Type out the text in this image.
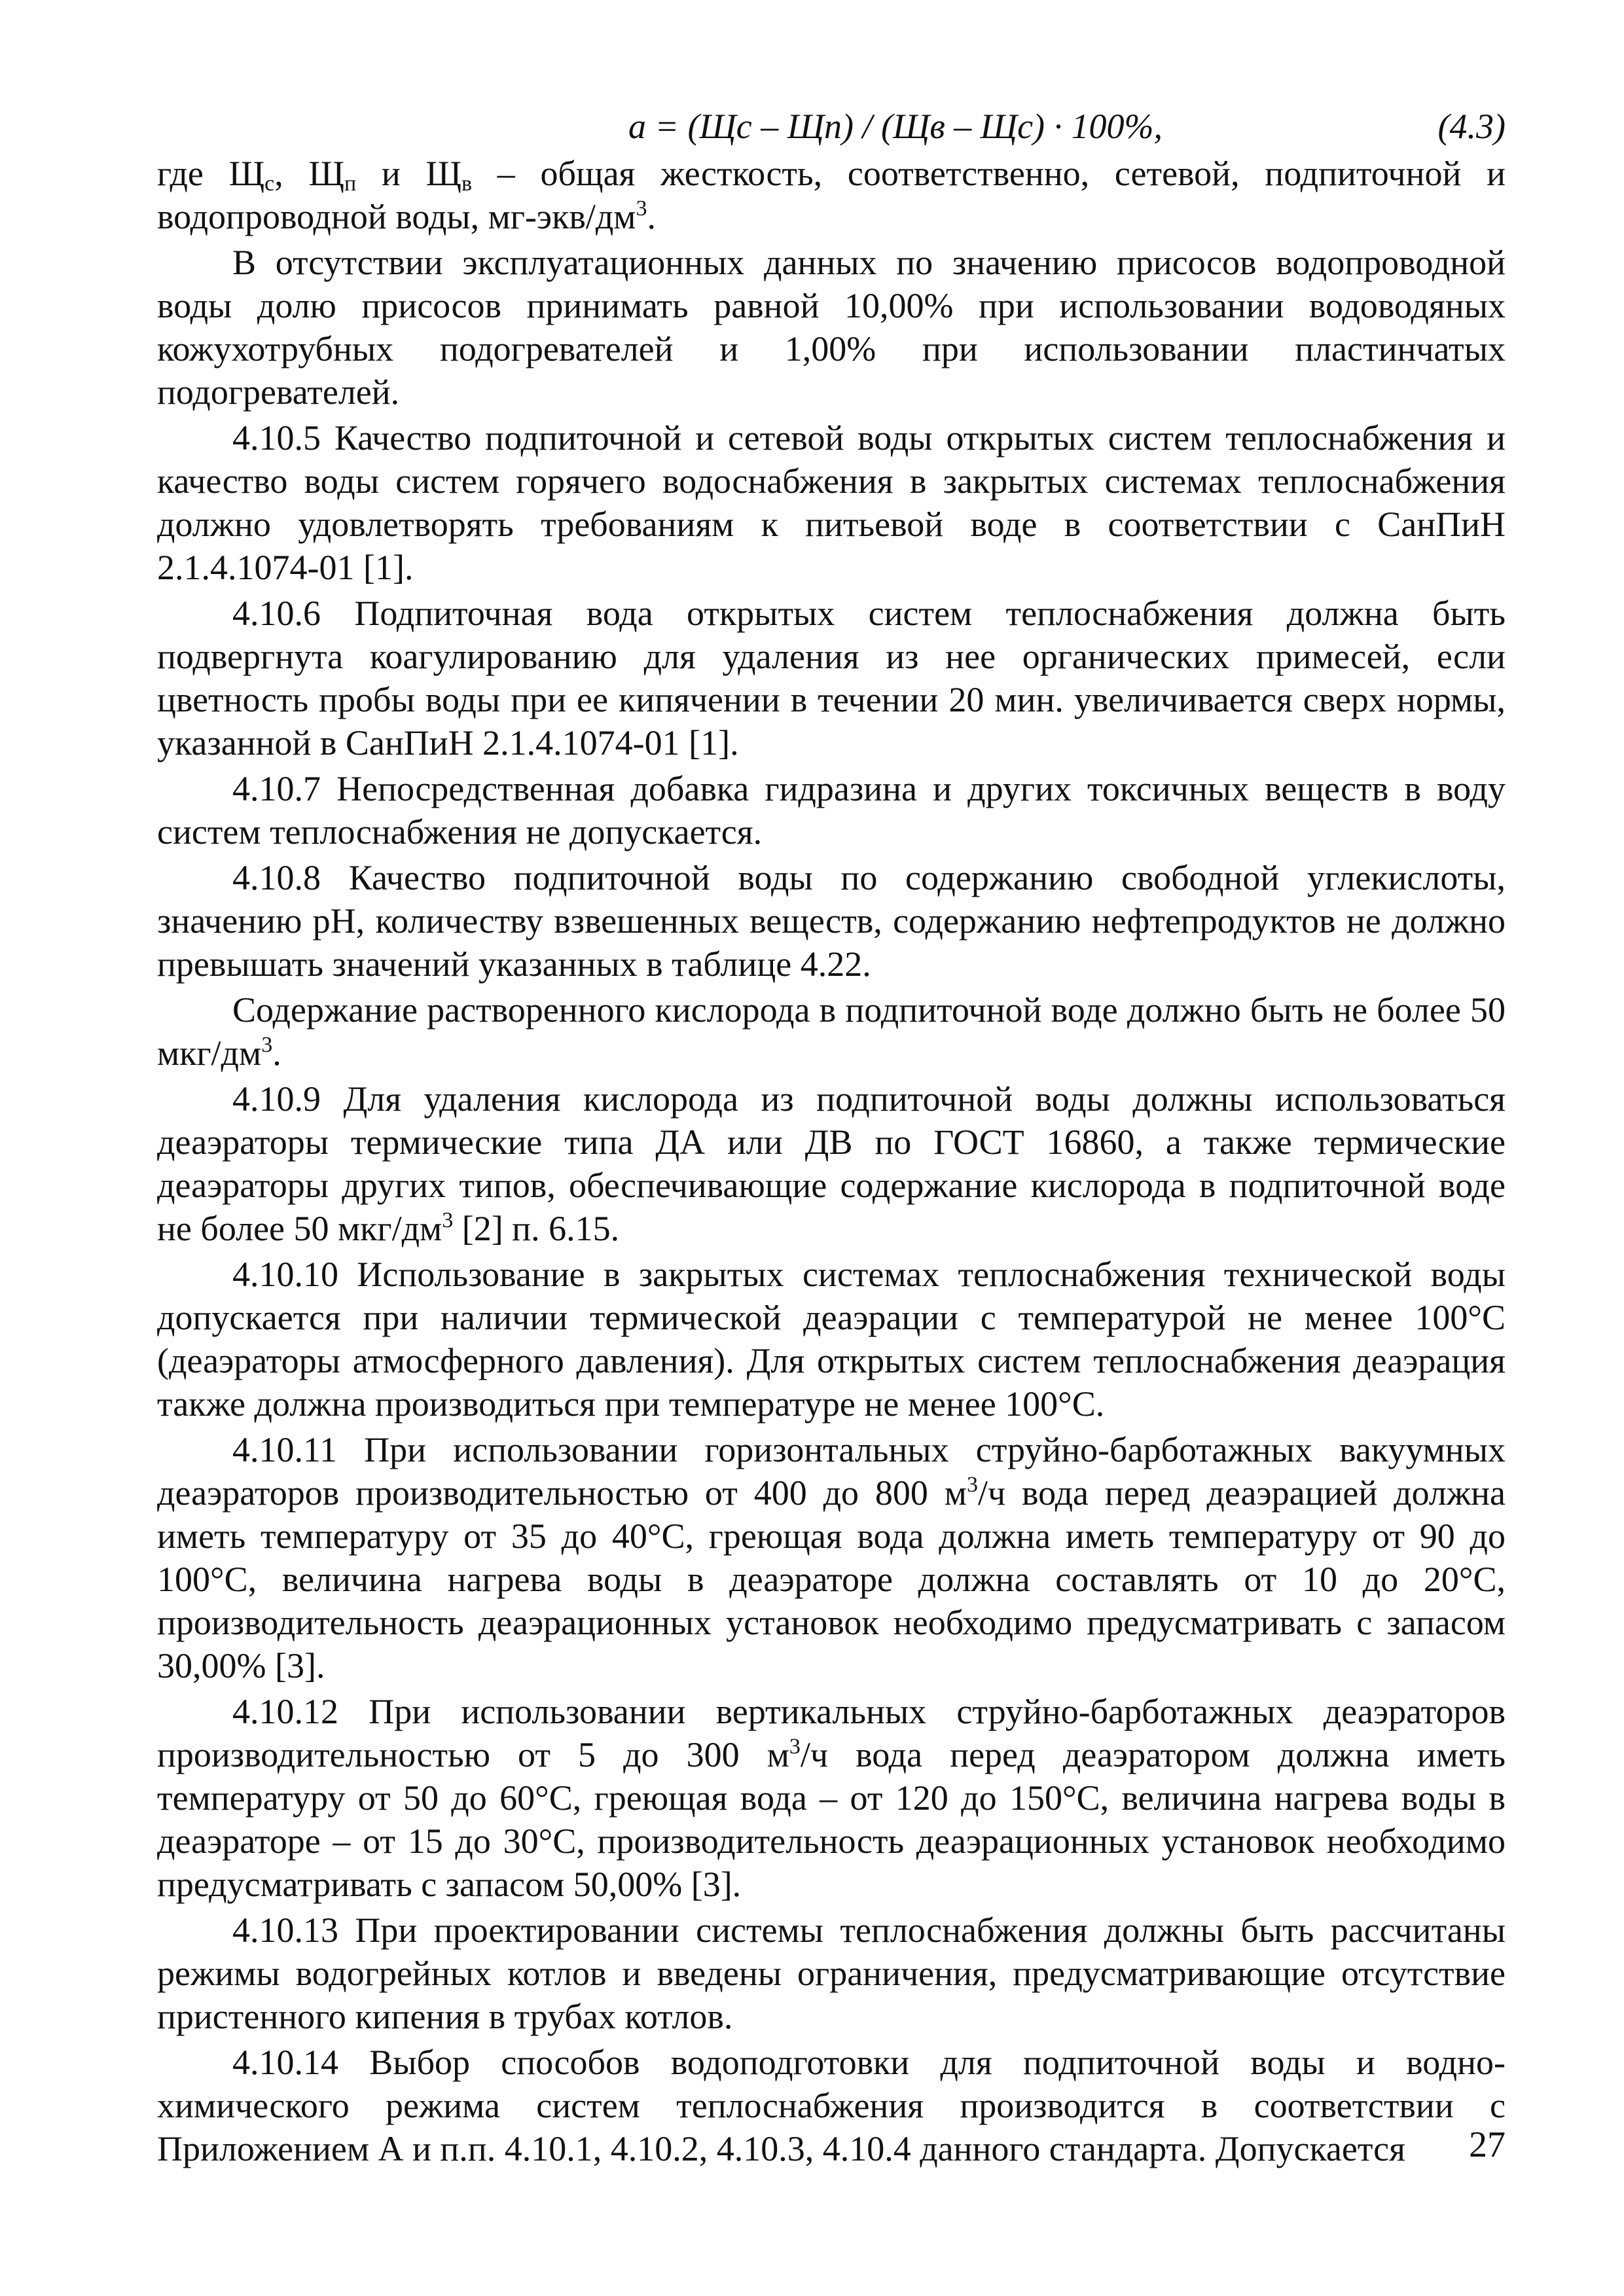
a = (Щс – Щп) / (Щв – Щс) · 100%,	(4.3)

где $Щ_с$, $Щ_п$ и $Щ_в$ – общая жесткость, соответственно, сетевой, подпиточной и водопроводной воды, $мг-экв/дм^3$.

В отсутствии эксплуатационных данных по значению присосов водопроводной воды долю присосов принимать равной 10,00% при использовании водоводяных кожухотрубных подогревателей и 1,00% при использовании пластинчатых подогревателей.

4.10.5 Качество подпиточной и сетевой воды открытых систем теплоснабжения и качество воды систем горячего водоснабжения в закрытых системах теплоснабжения должно удовлетворять требованиям к питьевой воде в соответствии с СанПиН 2.1.4.1074-01 [1].

4.10.6 Подпиточная вода открытых систем теплоснабжения должна быть подвергнута коагулированию для удаления из нее органических примесей, если цветность пробы воды при ее кипячении в течении 20 мин. увеличивается сверх нормы, указанной в СанПиН 2.1.4.1074-01 [1].

4.10.7 Непосредственная добавка гидразина и других токсичных веществ в воду систем теплоснабжения не допускается.

4.10.8 Качество подпиточной воды по содержанию свободной углекислоты, значению рН, количеству взвешенных веществ, содержанию нефтепродуктов не должно превышать значений указанных в таблице 4.22.

Содержание растворенного кислорода в подпиточной воде должно быть не более 50 мкг/$дм^3$.

4.10.9 Для удаления кислорода из подпиточной воды должны использоваться деаэраторы термические типа ДА или ДВ по ГОСТ 16860, а также термические деаэраторы других типов, обеспечивающие содержание кислорода в подпиточной воде не более 50 мкг/$дм^3$ [2] п. 6.15.

4.10.10 Использование в закрытых системах теплоснабжения технической воды допускается при наличии термической деаэрации с температурой не менее 100°С (деаэраторы атмосферного давления). Для открытых систем теплоснабжения деаэрация также должна производиться при температуре не менее 100°С.

4.10.11 При использовании горизонтальных струйно-барботажных вакуумных деаэраторов производительностью от 400 до 800 $м^3/ч$ вода перед деаэрацией должна иметь температуру от 35 до 40°С, греющая вода должна иметь температуру от 90 до 100°С, величина нагрева воды в деаэраторе должна составлять от 10 до 20°С, производительность деаэрационных установок необходимо предусматривать с запасом 30,00% [3].

4.10.12 При использовании вертикальных струйно-барботажных деаэраторов производительностью от 5 до 300 $м^3/ч$ вода перед деаэратором должна иметь температуру от 50 до 60°С, греющая вода – от 120 до 150°С, величина нагрева воды в деаэраторе – от 15 до 30°С, производительность деаэрационных установок необходимо предусматривать с запасом 50,00% [3].

4.10.13 При проектировании системы теплоснабжения должны быть рассчитаны режимы водогрейных котлов и введены ограничения, предусматривающие отсутствие пристенного кипения в трубах котлов.

4.10.14 Выбор способов водоподготовки для подпиточной воды и водно-химического режима систем теплоснабжения производится в соответствии с Приложением А и п.п. 4.10.1, 4.10.2, 4.10.3, 4.10.4 данного стандарта. Допускается	27
